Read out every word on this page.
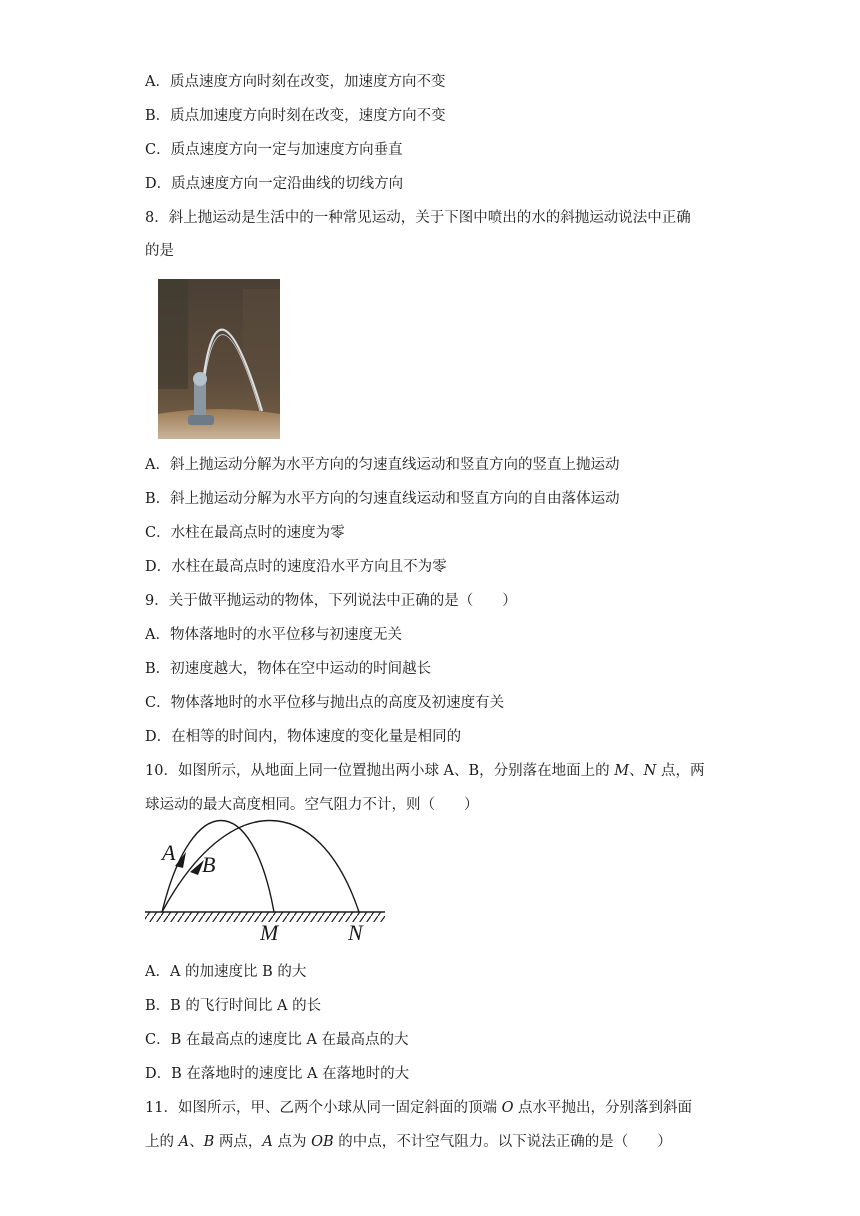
A．质点速度方向时刻在改变，加速度方向不变
B．质点加速度方向时刻在改变，速度方向不变
C．质点速度方向一定与加速度方向垂直
D．质点速度方向一定沿曲线的切线方向
8．斜上抛运动是生活中的一种常见运动，关于下图中喷出的水的斜抛运动说法中正确
的是
A．斜上抛运动分解为水平方向的匀速直线运动和竖直方向的竖直上抛运动
B．斜上抛运动分解为水平方向的匀速直线运动和竖直方向的自由落体运动
C．水柱在最高点时的速度为零
D．水柱在最高点时的速度沿水平方向且不为零
9．关于做平抛运动的物体，下列说法中正确的是（　　）
A．物体落地时的水平位移与初速度无关
B．初速度越大，物体在空中运动的时间越长
C．物体落地时的水平位移与抛出点的高度及初速度有关
D．在相等的时间内，物体速度的变化量是相同的
10．如图所示，从地面上同一位置抛出两小球 A、B，分别落在地面上的 M、N 点，两
球运动的最大高度相同。空气阻力不计，则（　　）
A B
M	N
A．A 的加速度比 B 的大
B．B 的飞行时间比 A 的长
C．B 在最高点的速度比 A 在最高点的大
D．B 在落地时的速度比 A 在落地时的大
11．如图所示，甲、乙两个小球从同一固定斜面的顶端 O 点水平抛出，分别落到斜面
上的 A、B 两点，A 点为 OB 的中点，不计空气阻力。以下说法正确的是（　　）
